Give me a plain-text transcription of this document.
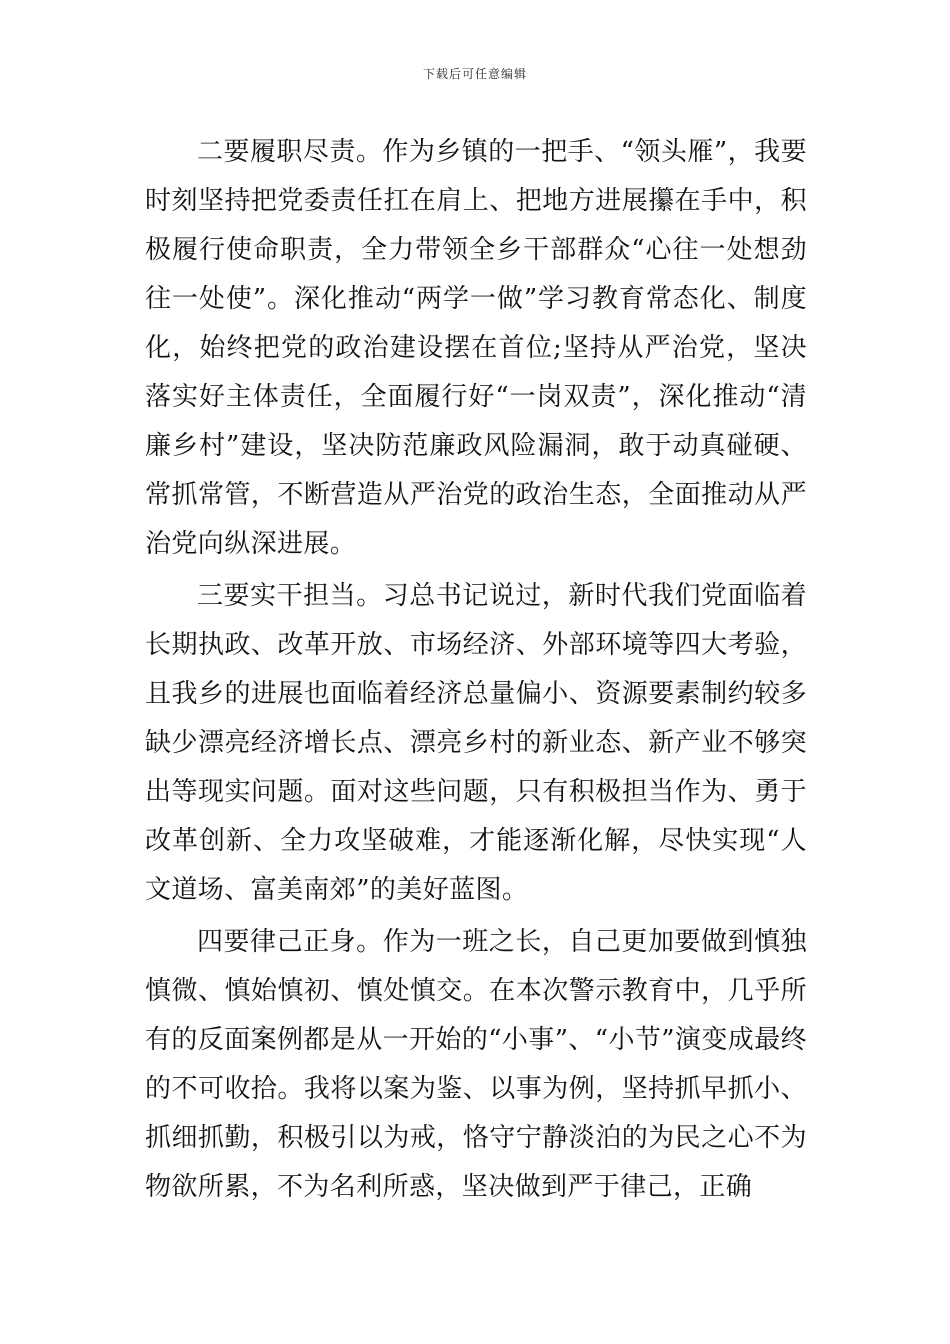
下载后可任意编辑

二要履职尽责。作为乡镇的一把手、“领头雁”，我要时刻坚持把党委责任扛在肩上、把地方进展攥在手中，积极履行使命职责，全力带领全乡干部群众“心往一处想劲往一处使”。深化推动“两学一做”学习教育常态化、制度化，始终把党的政治建设摆在首位;坚持从严治党，坚决落实好主体责任，全面履行好“一岗双责”，深化推动“清廉乡村”建设，坚决防范廉政风险漏洞，敢于动真碰硬、常抓常管，不断营造从严治党的政治生态，全面推动从严治党向纵深进展。

三要实干担当。习总书记说过，新时代我们党面临着长期执政、改革开放、市场经济、外部环境等四大考验，且我乡的进展也面临着经济总量偏小、资源要素制约较多缺少漂亮经济增长点、漂亮乡村的新业态、新产业不够突出等现实问题。面对这些问题，只有积极担当作为、勇于改革创新、全力攻坚破难，才能逐渐化解，尽快实现“人文道场、富美南郊”的美好蓝图。

四要律己正身。作为一班之长，自己更加要做到慎独慎微、慎始慎初、慎处慎交。在本次警示教育中，几乎所有的反面案例都是从一开始的“小事”、“小节”演变成最终的不可收拾。我将以案为鉴、以事为例，坚持抓早抓小、抓细抓勤，积极引以为戒，恪守宁静淡泊的为民之心不为物欲所累，不为名利所惑，坚决做到严于律己，正确
